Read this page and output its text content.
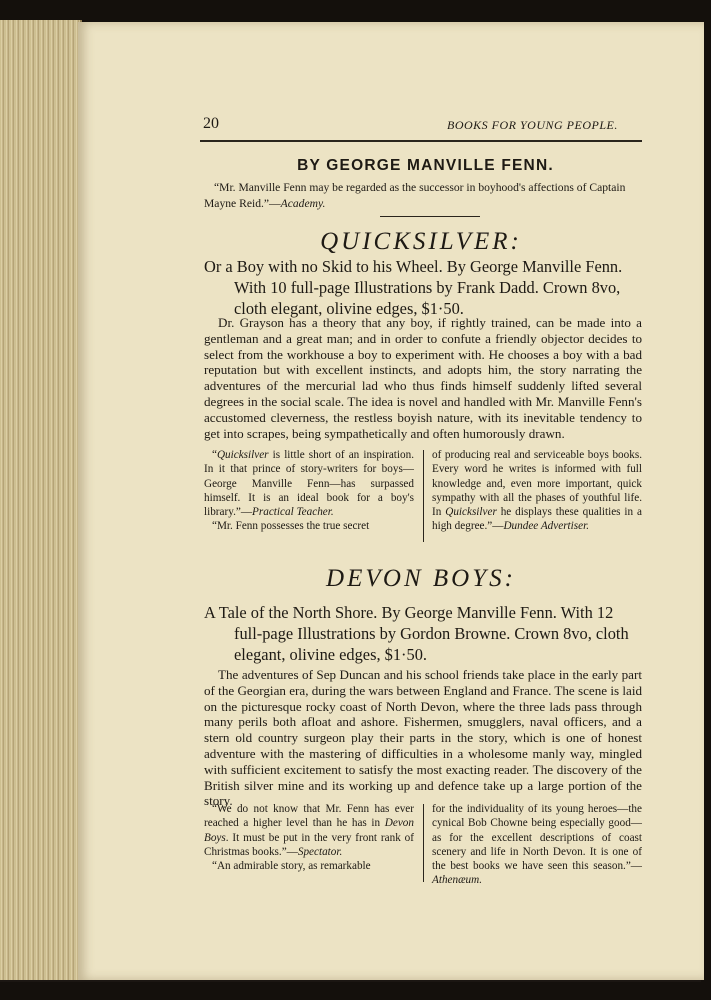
20	BOOKS FOR YOUNG PEOPLE.
BY GEORGE MANVILLE FENN.
“Mr. Manville Fenn may be regarded as the successor in boyhood's affections of Captain Mayne Reid.”—Academy.
QUICKSILVER:
Or a Boy with no Skid to his Wheel. By George Manville Fenn. With 10 full-page Illustrations by Frank Dadd. Crown 8vo, cloth elegant, olivine edges, $1·50.
Dr. Grayson has a theory that any boy, if rightly trained, can be made into a gentleman and a great man; and in order to confute a friendly objector decides to select from the workhouse a boy to experiment with. He chooses a boy with a bad reputation but with excellent instincts, and adopts him, the story narrating the adventures of the mercurial lad who thus finds himself suddenly lifted several degrees in the social scale. The idea is novel and handled with Mr. Manville Fenn's accustomed cleverness, the restless boyish nature, with its inevitable tendency to get into scrapes, being sympathetically and often humorously drawn.

“Quicksilver is little short of an inspiration. In it that prince of story-writers for boys—George Manville Fenn—has surpassed himself. It is an ideal book for a boy's library.”—Practical Teacher.

“Mr. Fenn possesses the true secret

of producing real and serviceable boys books. Every word he writes is informed with full knowledge and, even more important, quick sympathy with all the phases of youthful life. In Quicksilver he displays these qualities in a high degree.”—Dundee Advertiser.

DEVON BOYS:
A Tale of the North Shore. By George Manville Fenn. With 12 full-page Illustrations by Gordon Browne. Crown 8vo, cloth elegant, olivine edges, $1·50.
The adventures of Sep Duncan and his school friends take place in the early part of the Georgian era, during the wars between England and France. The scene is laid on the picturesque rocky coast of North Devon, where the three lads pass through many perils both afloat and ashore. Fishermen, smugglers, naval officers, and a stern old country surgeon play their parts in the story, which is one of honest adventure with the mastering of difficulties in a wholesome manly way, mingled with sufficient excitement to satisfy the most exacting reader. The discovery of the British silver mine and its working up and defence take up a large portion of the story.

“We do not know that Mr. Fenn has ever reached a higher level than he has in Devon Boys. It must be put in the very front rank of Christmas books.”—Spectator.

“An admirable story, as remarkable

for the individuality of its young heroes—the cynical Bob Chowne being especially good—as for the excellent descriptions of coast scenery and life in North Devon. It is one of the best books we have seen this season.”—Athenæum.
